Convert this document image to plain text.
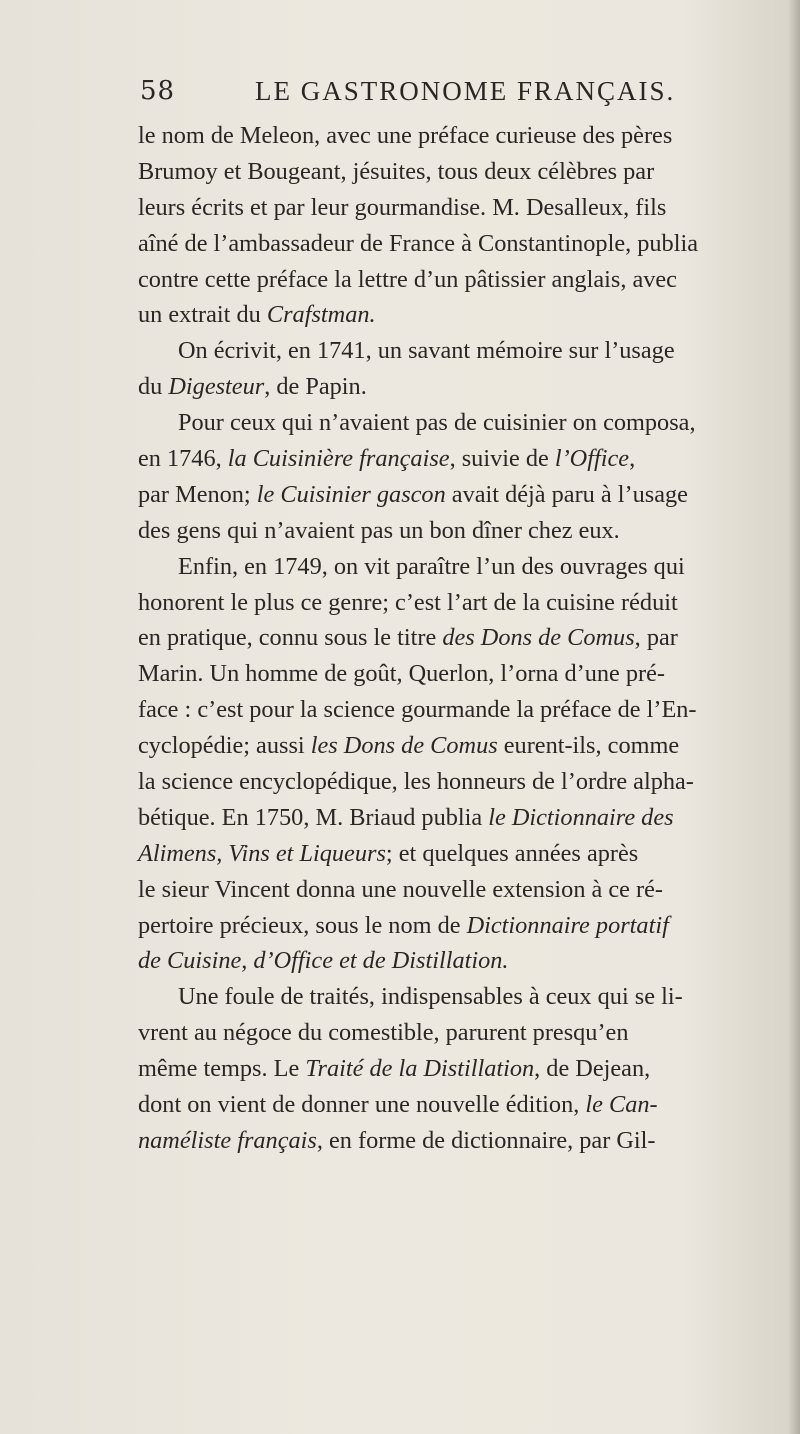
58	LE GASTRONOME FRANÇAIS.
le nom de Meleon, avec une préface curieuse des pères
Brumoy et Bougeant, jésuites, tous deux célèbres par
leurs écrits et par leur gourmandise. M. Desalleux, fils
aîné de l’ambassadeur de France à Constantinople, publia
contre cette préface la lettre d’un pâtissier anglais, avec
un extrait du Crafstman.
On écrivit, en 1741, un savant mémoire sur l’usage
du Digesteur, de Papin.
Pour ceux qui n’avaient pas de cuisinier on composa,
en 1746, la Cuisinière française, suivie de l’Office,
par Menon; le Cuisinier gascon avait déjà paru à l’usage
des gens qui n’avaient pas un bon dîner chez eux.
Enfin, en 1749, on vit paraître l’un des ouvrages qui
honorent le plus ce genre; c’est l’art de la cuisine réduit
en pratique, connu sous le titre des Dons de Comus, par
Marin. Un homme de goût, Querlon, l’orna d’une pré-
face : c’est pour la science gourmande la préface de l’En-
cyclopédie; aussi les Dons de Comus eurent-ils, comme
la science encyclopédique, les honneurs de l’ordre alpha-
bétique. En 1750, M. Briaud publia le Dictionnaire des
Alimens, Vins et Liqueurs; et quelques années après
le sieur Vincent donna une nouvelle extension à ce ré-
pertoire précieux, sous le nom de Dictionnaire portatif
de Cuisine, d’Office et de Distillation.
Une foule de traités, indispensables à ceux qui se li-
vrent au négoce du comestible, parurent presqu’en
même temps. Le Traité de la Distillation, de Dejean,
dont on vient de donner une nouvelle édition, le Can-
naméliste français, en forme de dictionnaire, par Gil-
